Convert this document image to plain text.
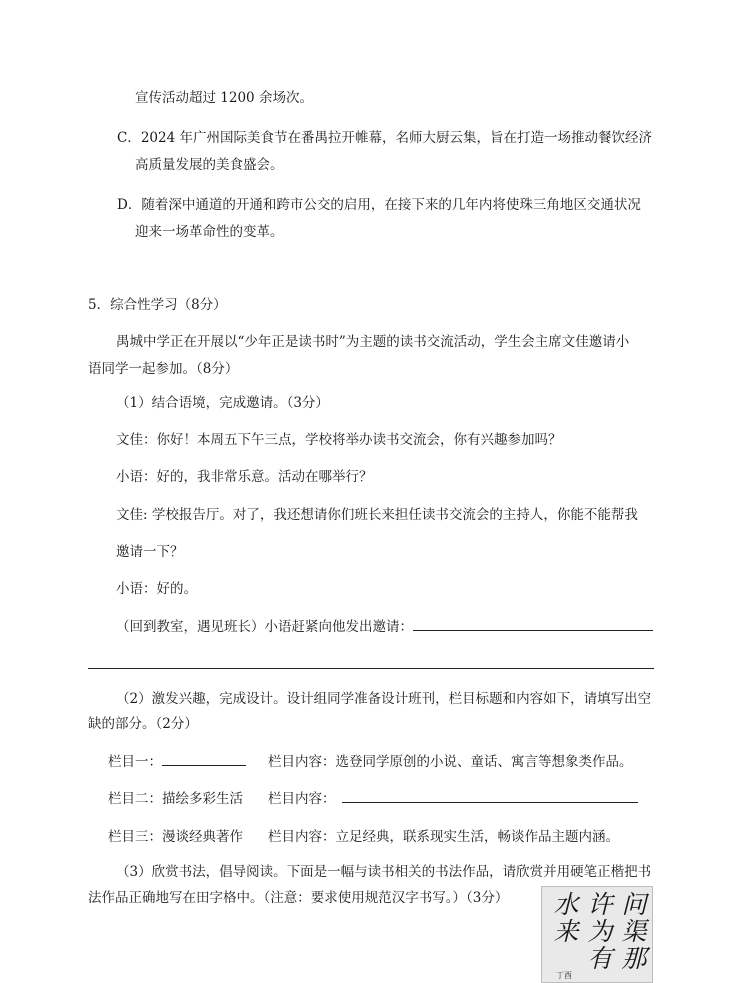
宣传活动超过 1200 余场次。
C．2024 年广州国际美食节在番禺拉开帷幕，名师大厨云集，旨在打造一场推动餐饮经济
高质量发展的美食盛会。
D．随着深中通道的开通和跨市公交的启用，在接下来的几年内将使珠三角地区交通状况
迎来一场革命性的变革。
5．综合性学习（8分）
禺城中学正在开展以“少年正是读书时”为主题的读书交流活动，学生会主席文佳邀请小
语同学一起参加。（8分）
（1）结合语境，完成邀请。（3分）
文佳：你好！本周五下午三点，学校将举办读书交流会，你有兴趣参加吗？
小语：好的，我非常乐意。活动在哪举行？
文佳: 学校报告厅。对了，我还想请你们班长来担任读书交流会的主持人，你能不能帮我
邀请一下？
小语：好的。
（回到教室，遇见班长）小语赶紧向他发出邀请：
（2）激发兴趣，完成设计。设计组同学准备设计班刊，栏目标题和内容如下，请填写出空
缺的部分。（2分）
栏目一：	栏目内容：选登同学原创的小说、童话、寓言等想象类作品。
栏目二：描绘多彩生活 栏目内容：
栏目三：漫谈经典著作 栏目内容：立足经典，联系现实生活，畅谈作品主题内涵。
（3）欣赏书法，倡导阅读。下面是一幅与读书相关的书法作品，请欣赏并用硬笔正楷把书
法作品正确地写在田字格中。（注意：要求使用规范汉字书写。）（3分）	问渠那
许为有
水来
丁酉
